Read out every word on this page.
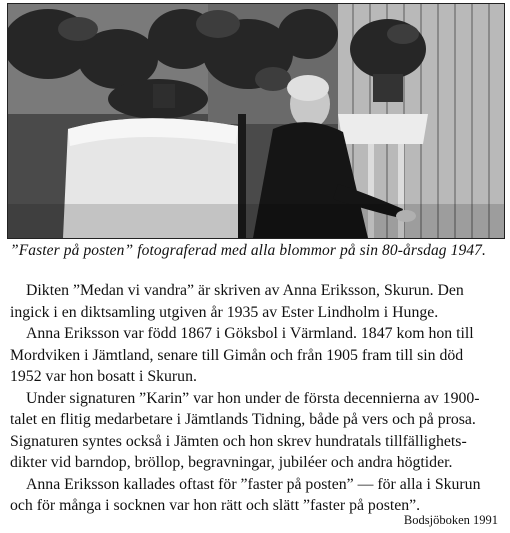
”Faster på posten” fotograferad med alla blommor på sin 80-årsdag 1947.
Dikten ”Medan vi vandra” är skriven av Anna Eriksson, Skurun. Den
ingick i en diktsamling utgiven år 1935 av Ester Lindholm i Hunge.
Anna Eriksson var född 1867 i Göksbol i Värmland. 1847 kom hon till
Mordviken i Jämtland, senare till Gimån och från 1905 fram till sin död
1952 var hon bosatt i Skurun.
Under signaturen ”Karin” var hon under de första decennierna av 1900-
talet en flitig medarbetare i Jämtlands Tidning, både på vers och på prosa.
Signaturen syntes också i Jämten och hon skrev hundratals tillfällighets-
dikter vid barndop, bröllop, begravningar, jubiléer och andra högtider.
Anna Eriksson kallades oftast för ”faster på posten” — för alla i Skurun
och för många i socknen var hon rätt och slätt ”faster på posten”.
Bodsjöboken 1991
